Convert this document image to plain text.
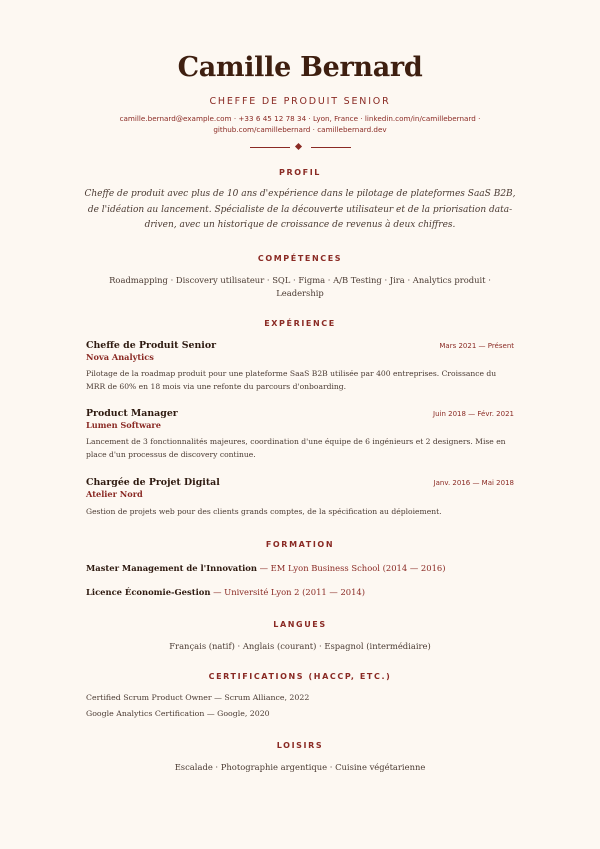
Camille Bernard
CHEFFE DE PRODUIT SENIOR
camille.bernard@example.com · +33 6 45 12 78 34 · Lyon, France · linkedin.com/in/camillebernard ·
github.com/camillebernard · camillebernard.dev
PROFIL
Cheffe de produit avec plus de 10 ans d'expérience dans le pilotage de plateformes SaaS B2B, de l'idéation au lancement. Spécialiste de la découverte utilisateur et de la priorisation data-driven, avec un historique de croissance de revenus à deux chiffres.
COMPÉTENCES
Roadmapping · Discovery utilisateur · SQL · Figma · A/B Testing · Jira · Analytics produit ·
Leadership
EXPÉRIENCE
Cheffe de Produit Senior	Mars 2021 — Présent
Nova Analytics
Pilotage de la roadmap produit pour une plateforme SaaS B2B utilisée par 400 entreprises. Croissance du MRR de 60% en 18 mois via une refonte du parcours d'onboarding.
Product Manager	Juin 2018 — Févr. 2021
Lumen Software
Lancement de 3 fonctionnalités majeures, coordination d'une équipe de 6 ingénieurs et 2 designers. Mise en place d'un processus de discovery continue.
Chargée de Projet Digital	Janv. 2016 — Mai 2018
Atelier Nord
Gestion de projets web pour des clients grands comptes, de la spécification au déploiement.
FORMATION
Master Management de l'Innovation — EM Lyon Business School (2014 — 2016)
Licence Économie-Gestion — Université Lyon 2 (2011 — 2014)
LANGUES
Français (natif) · Anglais (courant) · Espagnol (intermédiaire)
CERTIFICATIONS (HACCP, ETC.)
Certified Scrum Product Owner — Scrum Alliance, 2022
Google Analytics Certification — Google, 2020
LOISIRS
Escalade · Photographie argentique · Cuisine végétarienne
